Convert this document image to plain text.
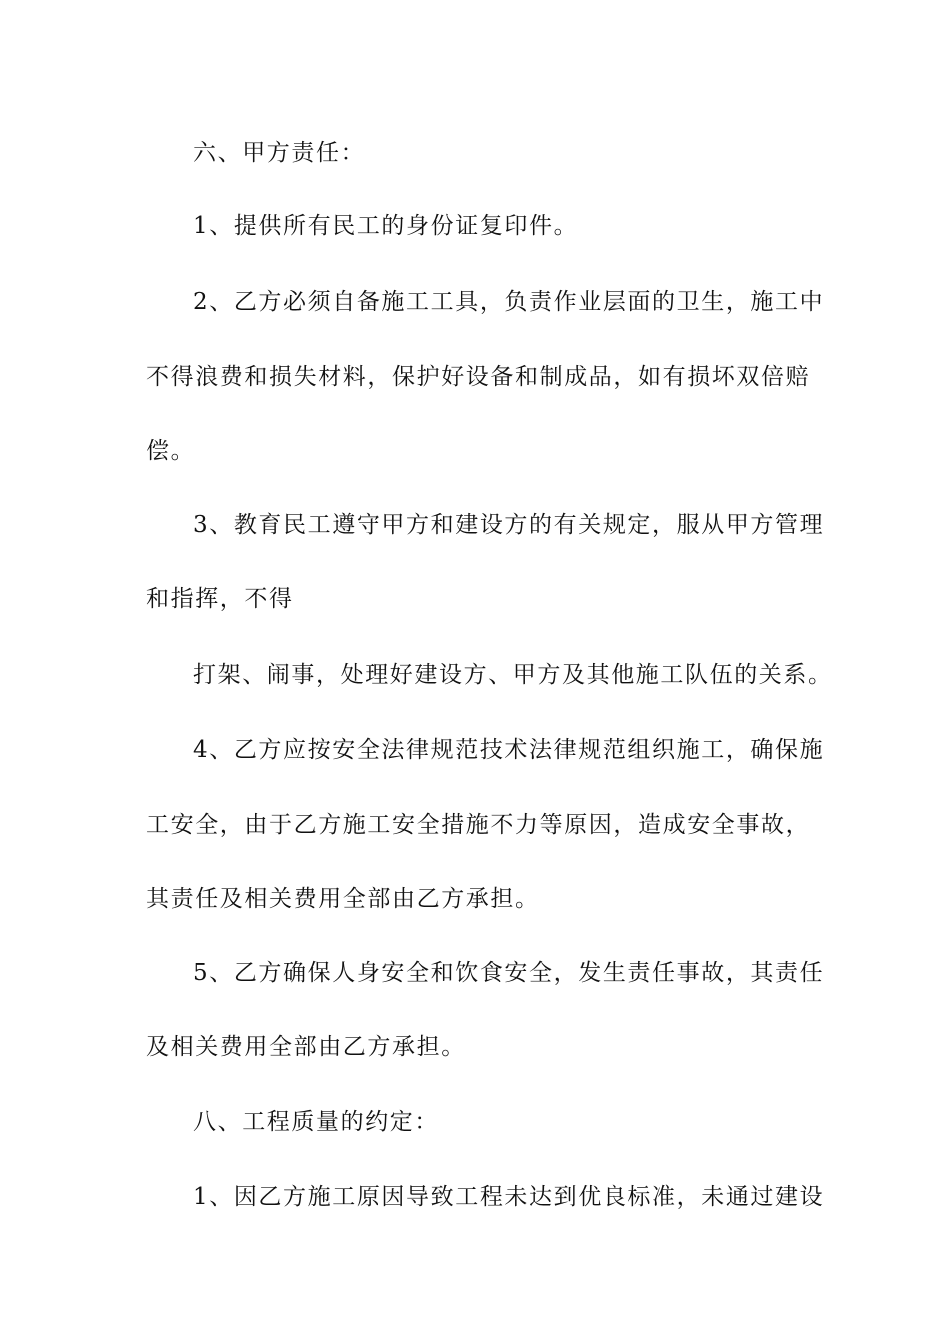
六、甲方责任：
1、提供所有民工的身份证复印件。
2、乙方必须自备施工工具，负责作业层面的卫生，施工中
不得浪费和损失材料，保护好设备和制成品，如有损坏双倍赔
偿。
3、教育民工遵守甲方和建设方的有关规定，服从甲方管理
和指挥，不得
打架、闹事，处理好建设方、甲方及其他施工队伍的关系。
4、乙方应按安全法律规范技术法律规范组织施工，确保施
工安全，由于乙方施工安全措施不力等原因，造成安全事故，
其责任及相关费用全部由乙方承担。
5、乙方确保人身安全和饮食安全，发生责任事故，其责任
及相关费用全部由乙方承担。
八、工程质量的约定：
1、因乙方施工原因导致工程未达到优良标准，未通过建设
